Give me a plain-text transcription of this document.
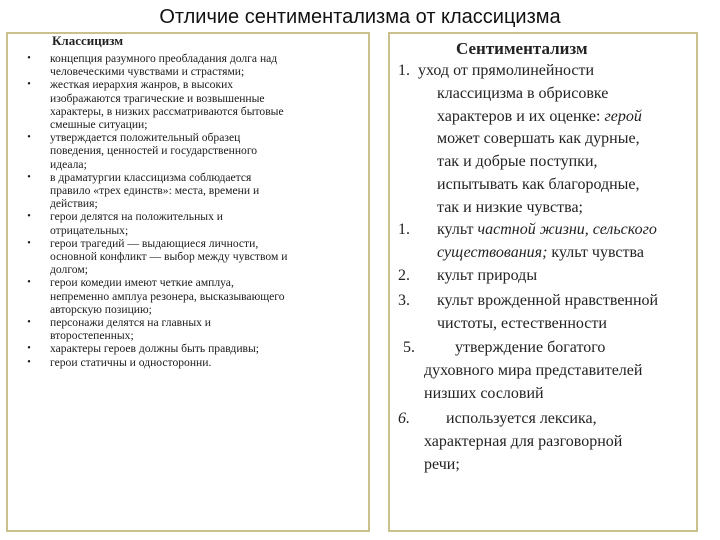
Отличие сентиментализма от классицизма
Классицизм
•	концепция разумного преобладания долга над
человеческими чувствами и страстями;
•	жесткая иерархия жанров, в высоких
изображаются трагические и возвышенные
характеры, в низких рассматриваются бытовые
смешные ситуации;
•	утверждается положительный образец
поведения, ценностей и государственного
идеала;
•	в драматургии классицизма соблюдается
правило «трех единств»: места, времени и
действия;
•	герои делятся на положительных и
отрицательных;
•	герои трагедий — выдающиеся личности,
основной конфликт — выбор между чувством и
долгом;
•	герои комедии имеют четкие амплуа,
непременно амплуа резонера, высказывающего
авторскую позицию;
•	персонажи делятся на главных и
второстепенных;
•	характеры героев должны быть правдивы;
•	герои статичны и односторонни.
Сентиментализм
1. уход от прямолинейности
классицизма в обрисовке
характеров и их оценке: герой
может совершать как дурные,
так и добрые поступки,
испытывать как благородные,
так и низкие чувства;
1. культ частной жизни, сельского
существования; культ чувства
2. культ природы
3. культ врожденной нравственной
чистоты, естественности
5.	утверждение богатого
духовного мира представителей
низших сословий
6. используется лексика,
характерная для разговорной
речи;
